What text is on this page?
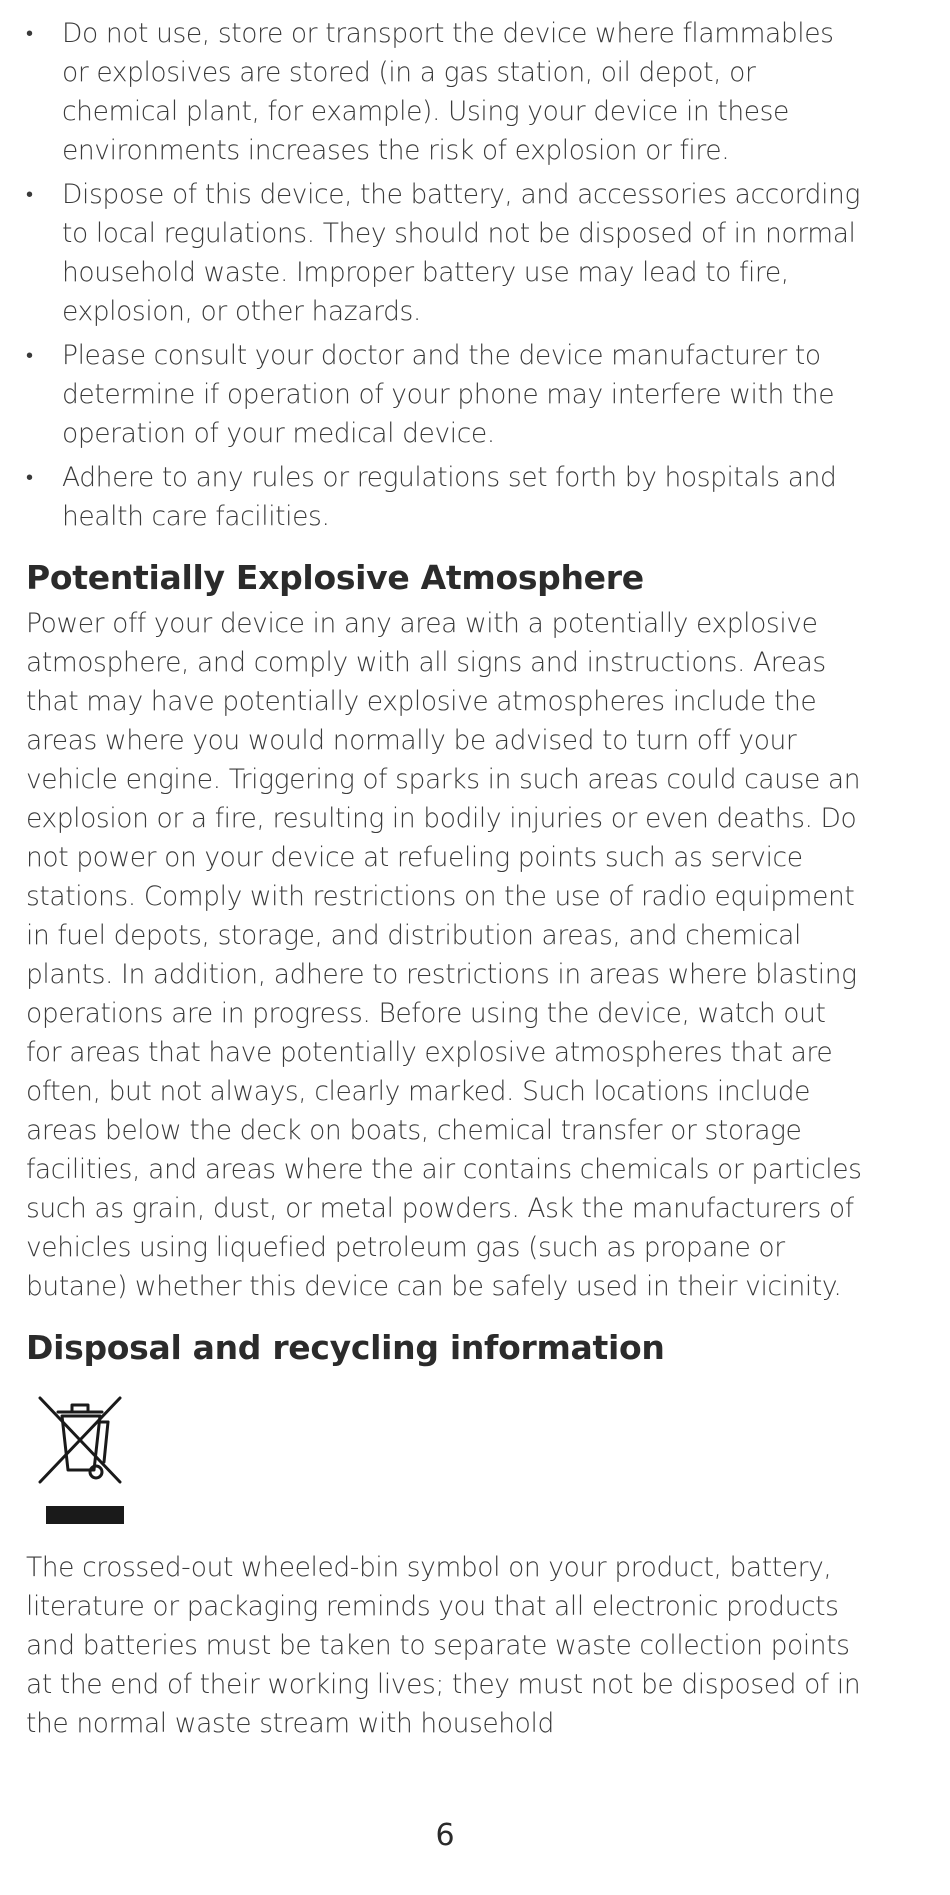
•	Do not use, store or transport the device where flammables or explosives are stored (in a gas station, oil depot, or chemical plant, for example). Using your device in these environments increases the risk of explosion or fire.
•	Dispose of this device, the battery, and accessories according to local regulations. They should not be disposed of in normal household waste. Improper battery use may lead to fire, explosion, or other hazards.
•	Please consult your doctor and the device manufacturer to determine if operation of your phone may interfere with the operation of your medical device.
•	Adhere to any rules or regulations set forth by hospitals and health care facilities.
Potentially Explosive Atmosphere

Power off your device in any area with a potentially explosive atmosphere, and comply with all signs and instructions. Areas that may have potentially explosive atmospheres include the areas where you would normally be advised to turn off your vehicle engine. Triggering of sparks in such areas could cause an explosion or a fire, resulting in bodily injuries or even deaths. Do not power on your device at refueling points such as service stations. Comply with restrictions on the use of radio equipment in fuel depots, storage, and distribution areas, and chemical plants. In addition, adhere to restrictions in areas where blasting operations are in progress. Before using the device, watch out for areas that have potentially explosive atmospheres that are often, but not always, clearly marked. Such locations include areas below the deck on boats, chemical transfer or storage facilities, and areas where the air contains chemicals or particles such as grain, dust, or metal powders. Ask the manufacturers of vehicles using liquefied petroleum gas (such as propane or butane) whether this device can be safely used in their vicinity.

Disposal and recycling information

The crossed-out wheeled-bin symbol on your product, battery, literature or packaging reminds you that all electronic products and batteries must be taken to separate waste collection points at the end of their working lives; they must not be disposed of in the normal waste stream with household

6
